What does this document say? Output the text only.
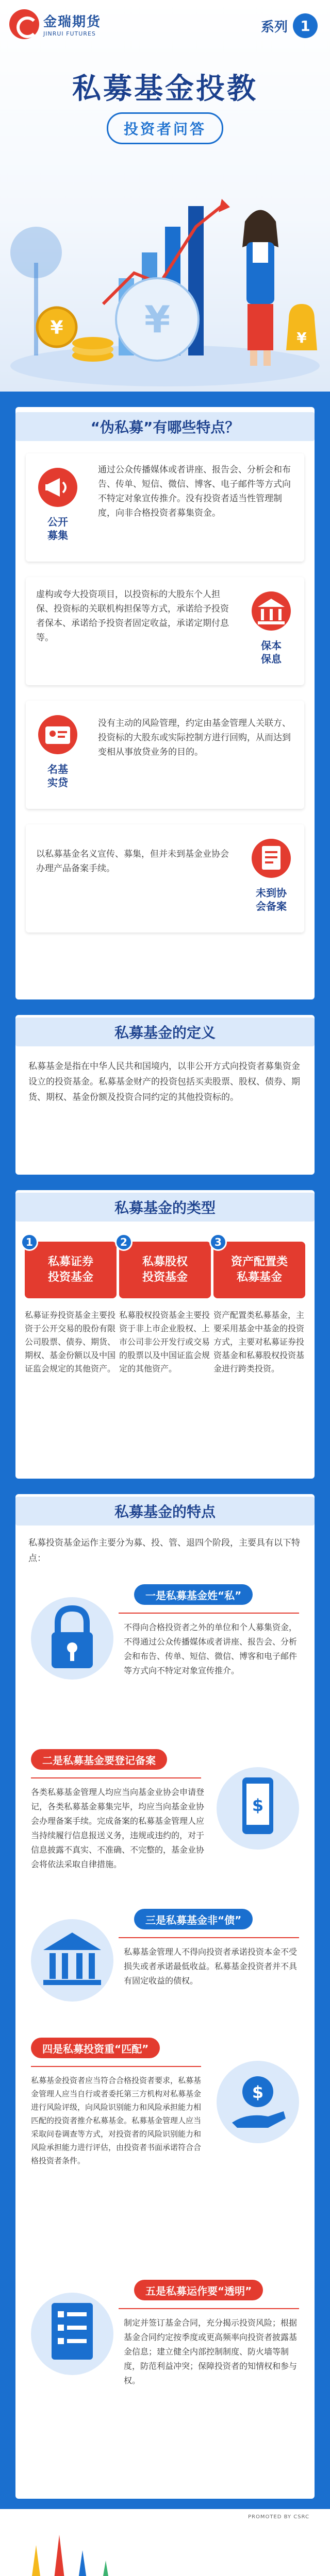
金瑞期货
JINRUI FUTURES	系列 1
私募基金投教
投资者问答
¥ ¥	¥
“伪私募”有哪些特点？
公开
募集

通过公众传播媒体或者讲座、报告会、分析会和布告、传单、短信、微信、博客、电子邮件等方式向不特定对象宣传推介。没有投资者适当性管理制度，向非合格投资者募集资金。

虚构或夸大投资项目，以投资标的大股东个人担保、投资标的关联机构担保等方式，承诺给予投资者保本、承诺给予投资者固定收益，承诺定期付息等。

保本
保息
名基
实贷

没有主动的风险管理，约定由基金管理人关联方、投资标的大股东或实际控制方进行回购，从而达到变相从事放贷业务的目的。

以私募基金名义宣传、募集，但并未到基金业协会办理产品备案手续。

未到协
会备案
私募基金的定义
私募基金是指在中华人民共和国境内，以非公开方式向投资者募集资金设立的投资基金。私募基金财产的投资包括买卖股票、股权、债券、期货、期权、基金份额及投资合同约定的其他投资标的。
私募基金的类型
私募证券
投资基金
1
私募证券投资基金主要投资于公开交易的股份有限公司股票、债券、期货、期权、基金份额以及中国证监会规定的其他资产。
私募股权
投资基金
2
私募股权投资基金主要投资于非上市企业股权、上市公司非公开发行或交易的股票以及中国证监会规定的其他资产。
资产配置类
私募基金
3
资产配置类私募基金，主要采用基金中基金的投资方式，主要对私募证券投资基金和私募股权投资基金进行跨类投资。
私募基金的特点
私募投资基金运作主要分为募、投、管、退四个阶段，主要具有以下特点：
一是私募基金姓“私”
不得向合格投资者之外的单位和个人募集资金，不得通过公众传播媒体或者讲座、报告会、分析会和布告、传单、短信、微信、博客和电子邮件等方式向不特定对象宣传推介。
二是私募基金要登记备案
各类私募基金管理人均应当向基金业协会申请登记，各类私募基金募集完毕，均应当向基金业协会办理备案手续。完成备案的私募基金管理人应当持续履行信息报送义务，违规或违约的，对于信息披露不真实、不准确、不完整的，基金业协会将依法采取自律措施。
$
三是私募基金非“债”
私募基金管理人不得向投资者承诺投资本金不受损失或者承诺最低收益。私募基金投资者并不具有固定收益的债权。
四是私募投资重“匹配”
私募基金投资者应当符合合格投资者要求，私募基金管理人应当自行或者委托第三方机构对私募基金进行风险评级，向风险识别能力和风险承担能力相匹配的投资者推介私募基金。私募基金管理人应当采取问卷调查等方式，对投资者的风险识别能力和风险承担能力进行评估，由投资者书面承诺符合合格投资者条件。
$
五是私募运作要“透明”
制定并签订基金合同，充分揭示投资风险；根据基金合同约定按季度或更高频率向投资者披露基金信息；建立健全内部控制制度、防火墙等制度，防范利益冲突；保障投资者的知情权和参与权。
PROMOTED BY CSRC
